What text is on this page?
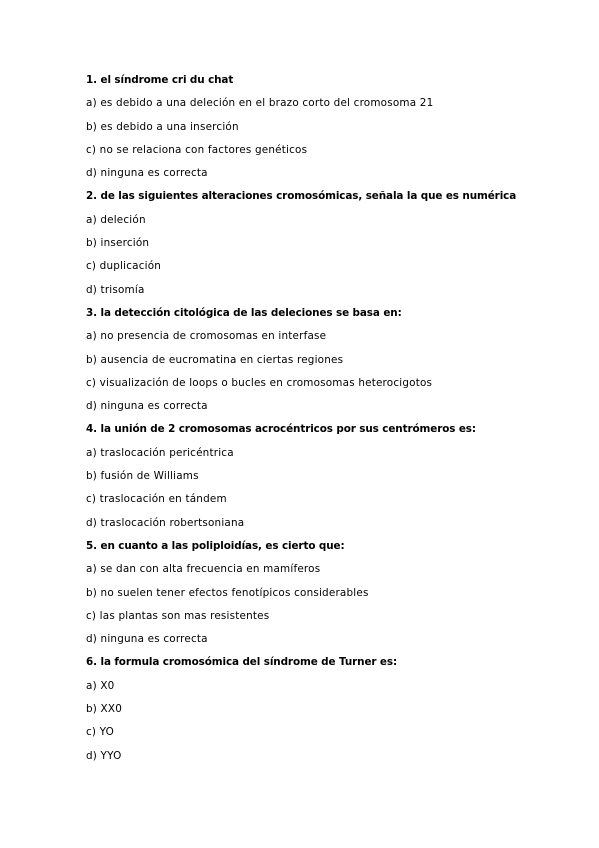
1. el síndrome cri du chat
a) es debido a una deleción en el brazo corto del cromosoma 21
b) es debido a una inserción
c) no se relaciona con factores genéticos
d) ninguna es correcta
2. de las siguientes alteraciones cromosómicas, señala la que es numérica
a) deleción
b) inserción
c) duplicación
d) trisomía
3. la detección citológica de las deleciones se basa en:
a) no presencia de cromosomas en interfase
b) ausencia de eucromatina en ciertas regiones
c) visualización de loops o bucles en cromosomas heterocigotos
d) ninguna es correcta
4. la unión de 2 cromosomas acrocéntricos por sus centrómeros es:
a) traslocación pericéntrica
b) fusión de Williams
c) traslocación en tándem
d) traslocación robertsoniana
5. en cuanto a las poliploidías, es cierto que:
a) se dan con alta frecuencia en mamíferos
b) no suelen tener efectos fenotípicos considerables
c) las plantas son mas resistentes
d) ninguna es correcta
6. la formula cromosómica del síndrome de Turner es:
a) X0
b) XX0
c) YO
d) YYO
